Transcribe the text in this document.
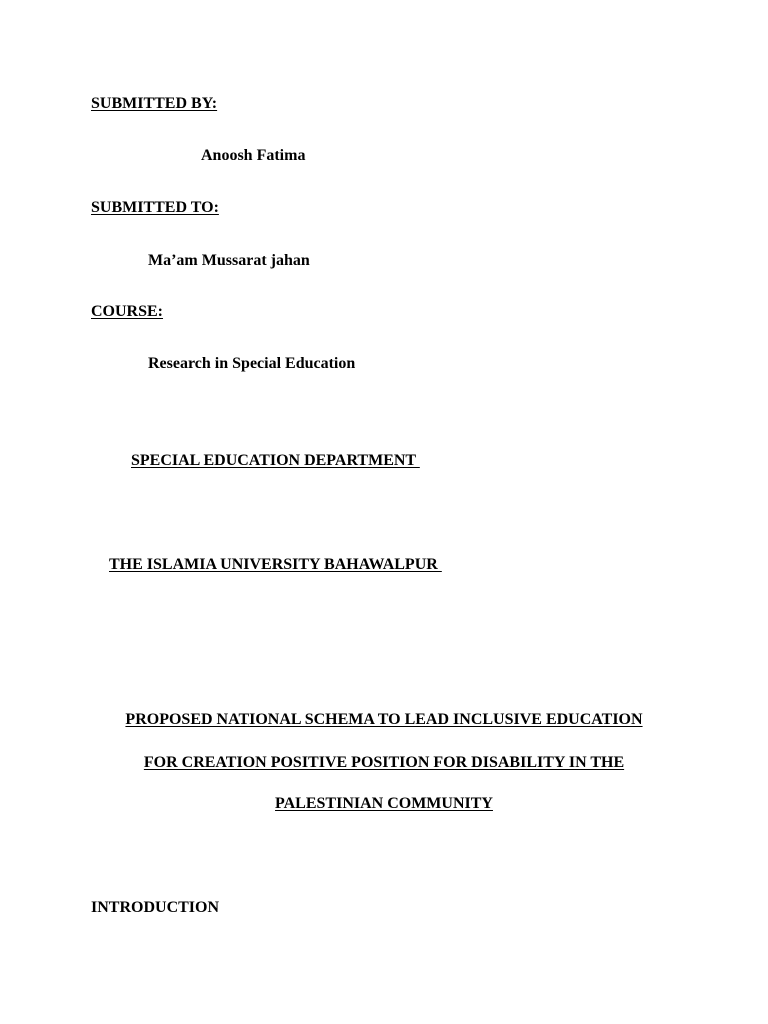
SUBMITTED BY:
Anoosh Fatima
SUBMITTED TO:
Ma’am Mussarat jahan
COURSE:
Research in Special Education
SPECIAL EDUCATION DEPARTMENT
THE ISLAMIA UNIVERSITY BAHAWALPUR
PROPOSED NATIONAL SCHEMA TO LEAD INCLUSIVE EDUCATION
FOR CREATION POSITIVE POSITION FOR DISABILITY IN THE
PALESTINIAN COMMUNITY
INTRODUCTION
